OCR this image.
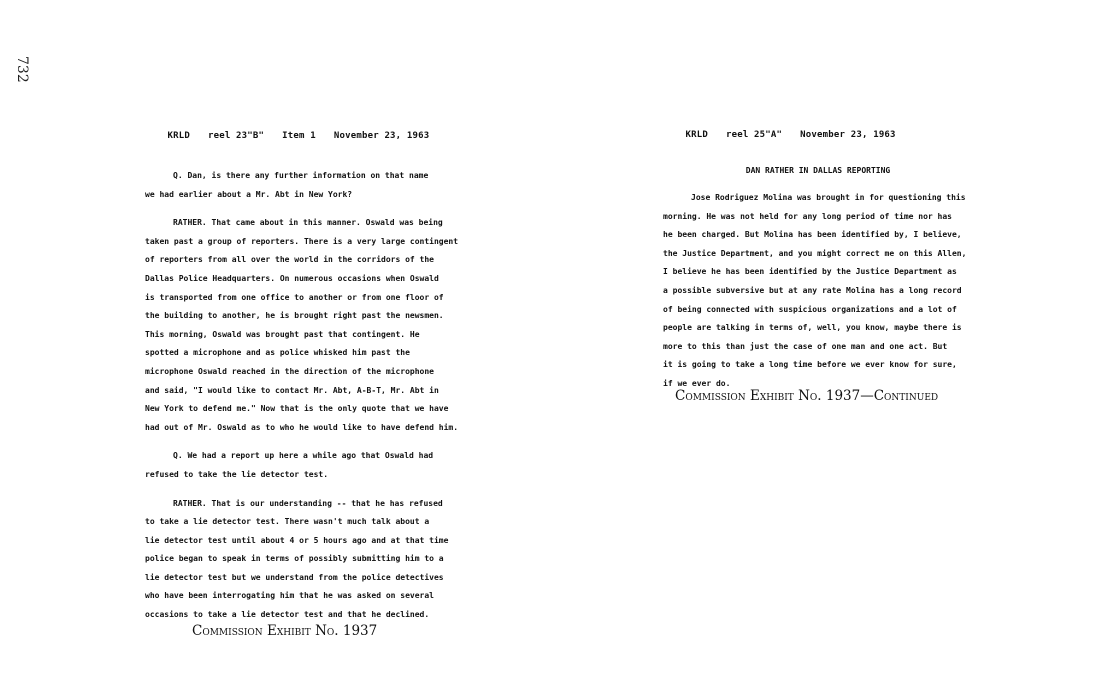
732

KRLD reel 23"B" Item 1 November 23, 1963

Q. Dan, is there any further information on that name
we had earlier about a Mr. Abt in New York?

RATHER. That came about in this manner. Oswald was being
taken past a group of reporters. There is a very large contingent
of reporters from all over the world in the corridors of the
Dallas Police Headquarters. On numerous occasions when Oswald
is transported from one office to another or from one floor of
the building to another, he is brought right past the newsmen.
This morning, Oswald was brought past that contingent. He
spotted a microphone and as police whisked him past the
microphone Oswald reached in the direction of the microphone
and said, "I would like to contact Mr. Abt, A-B-T, Mr. Abt in
New York to defend me." Now that is the only quote that we have
had out of Mr. Oswald as to who he would like to have defend him.

Q. We had a report up here a while ago that Oswald had
refused to take the lie detector test.

RATHER. That is our understanding -- that he has refused
to take a lie detector test. There wasn't much talk about a
lie detector test until about 4 or 5 hours ago and at that time
police began to speak in terms of possibly submitting him to a
lie detector test but we understand from the police detectives
who have been interrogating him that he was asked on several
occasions to take a lie detector test and that he declined.

Commission Exhibit No. 1937

KRLD reel 25"A" November 23, 1963

DAN RATHER IN DALLAS REPORTING

Jose Rodriguez Molina was brought in for questioning this
morning. He was not held for any long period of time nor has
he been charged. But Molina has been identified by, I believe,
the Justice Department, and you might correct me on this Allen,
I believe he has been identified by the Justice Department as
a possible subversive but at any rate Molina has a long record
of being connected with suspicious organizations and a lot of
people are talking in terms of, well, you know, maybe there is
more to this than just the case of one man and one act. But
it is going to take a long time before we ever know for sure,
if we ever do.

Commission Exhibit No. 1937—Continued
